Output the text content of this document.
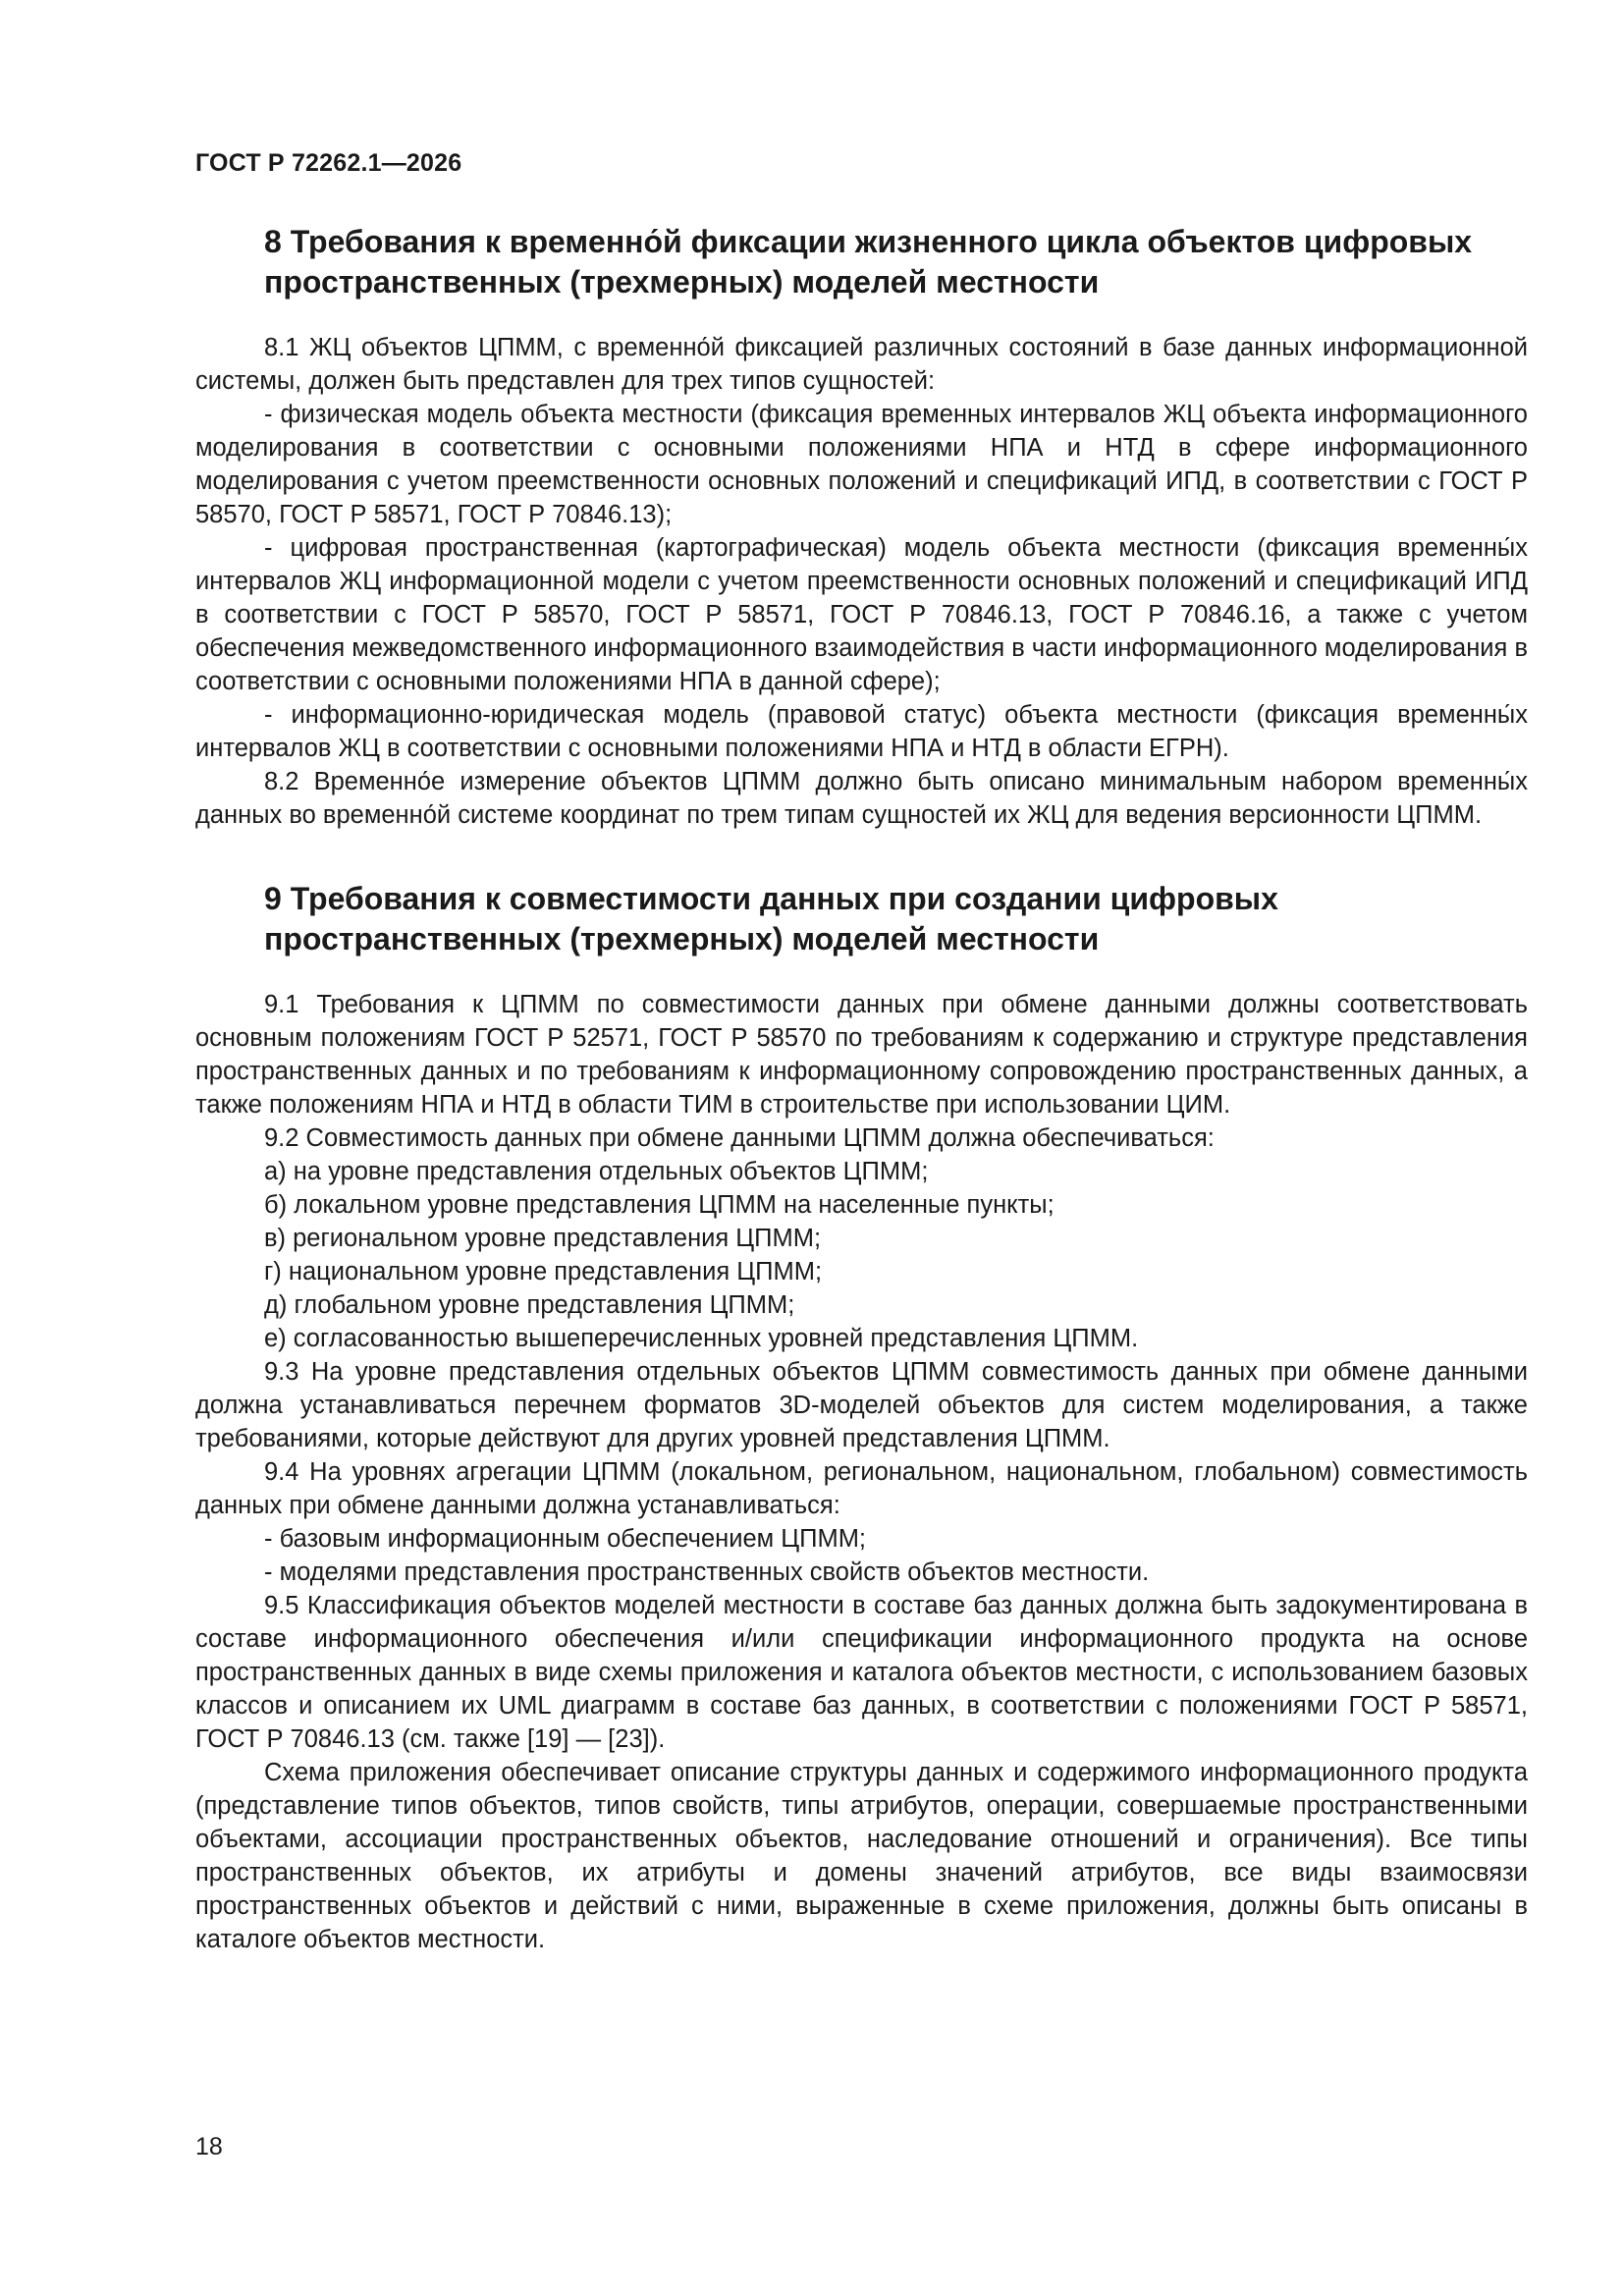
ГОСТ Р 72262.1—2026
8 Требования к временно́й фиксации жизненного цикла объектов цифровых пространственных (трехмерных) моделей местности

8.1 ЖЦ объектов ЦПММ, с временно́й фиксацией различных состояний в базе данных информационной системы, должен быть представлен для трех типов сущностей:

- физическая модель объекта местности (фиксация временных интервалов ЖЦ объекта информационного моделирования в соответствии с основными положениями НПА и НТД в сфере информационного моделирования с учетом преемственности основных положений и спецификаций ИПД, в соответствии с ГОСТ Р 58570, ГОСТ Р 58571, ГОСТ Р 70846.13);

- цифровая пространственная (картографическая) модель объекта местности (фиксация временны́х интервалов ЖЦ информационной модели с учетом преемственности основных положений и спецификаций ИПД в соответствии с ГОСТ Р 58570, ГОСТ Р 58571, ГОСТ Р 70846.13, ГОСТ Р 70846.16, а также с учетом обеспечения межведомственного информационного взаимодействия в части информационного моделирования в соответствии с основными положениями НПА в данной сфере);

- информационно-юридическая модель (правовой статус) объекта местности (фиксация временны́х интервалов ЖЦ в соответствии с основными положениями НПА и НТД в области ЕГРН).

8.2 Временно́е измерение объектов ЦПММ должно быть описано минимальным набором временны́х данных во временно́й системе координат по трем типам сущностей их ЖЦ для ведения версионности ЦПММ.

9 Требования к совместимости данных при создании цифровых пространственных (трехмерных) моделей местности

9.1 Требования к ЦПММ по совместимости данных при обмене данными должны соответствовать основным положениям ГОСТ Р 52571, ГОСТ Р 58570 по требованиям к содержанию и структуре представления пространственных данных и по требованиям к информационному сопровождению пространственных данных, а также положениям НПА и НТД в области ТИМ в строительстве при использовании ЦИМ.

9.2 Совместимость данных при обмене данными ЦПММ должна обеспечиваться:

а) на уровне представления отдельных объектов ЦПММ;

б) локальном уровне представления ЦПММ на населенные пункты;

в) региональном уровне представления ЦПММ;

г) национальном уровне представления ЦПММ;

д) глобальном уровне представления ЦПММ;

е) согласованностью вышеперечисленных уровней представления ЦПММ.

9.3 На уровне представления отдельных объектов ЦПММ совместимость данных при обмене данными должна устанавливаться перечнем форматов 3D-моделей объектов для систем моделирования, а также требованиями, которые действуют для других уровней представления ЦПММ.

9.4 На уровнях агрегации ЦПММ (локальном, региональном, национальном, глобальном) совместимость данных при обмене данными должна устанавливаться:

- базовым информационным обеспечением ЦПММ;

- моделями представления пространственных свойств объектов местности.

9.5 Классификация объектов моделей местности в составе баз данных должна быть задокументирована в составе информационного обеспечения и/или спецификации информационного продукта на основе пространственных данных в виде схемы приложения и каталога объектов местности, с использованием базовых классов и описанием их UML диаграмм в составе баз данных, в соответствии с положениями ГОСТ Р 58571, ГОСТ Р 70846.13 (см. также [19] — [23]).

Схема приложения обеспечивает описание структуры данных и содержимого информационного продукта (представление типов объектов, типов свойств, типы атрибутов, операции, совершаемые пространственными объектами, ассоциации пространственных объектов, наследование отношений и ограничения). Все типы пространственных объектов, их атрибуты и домены значений атрибутов, все виды взаимосвязи пространственных объектов и действий с ними, выраженные в схеме приложения, должны быть описаны в каталоге объектов местности.

18
